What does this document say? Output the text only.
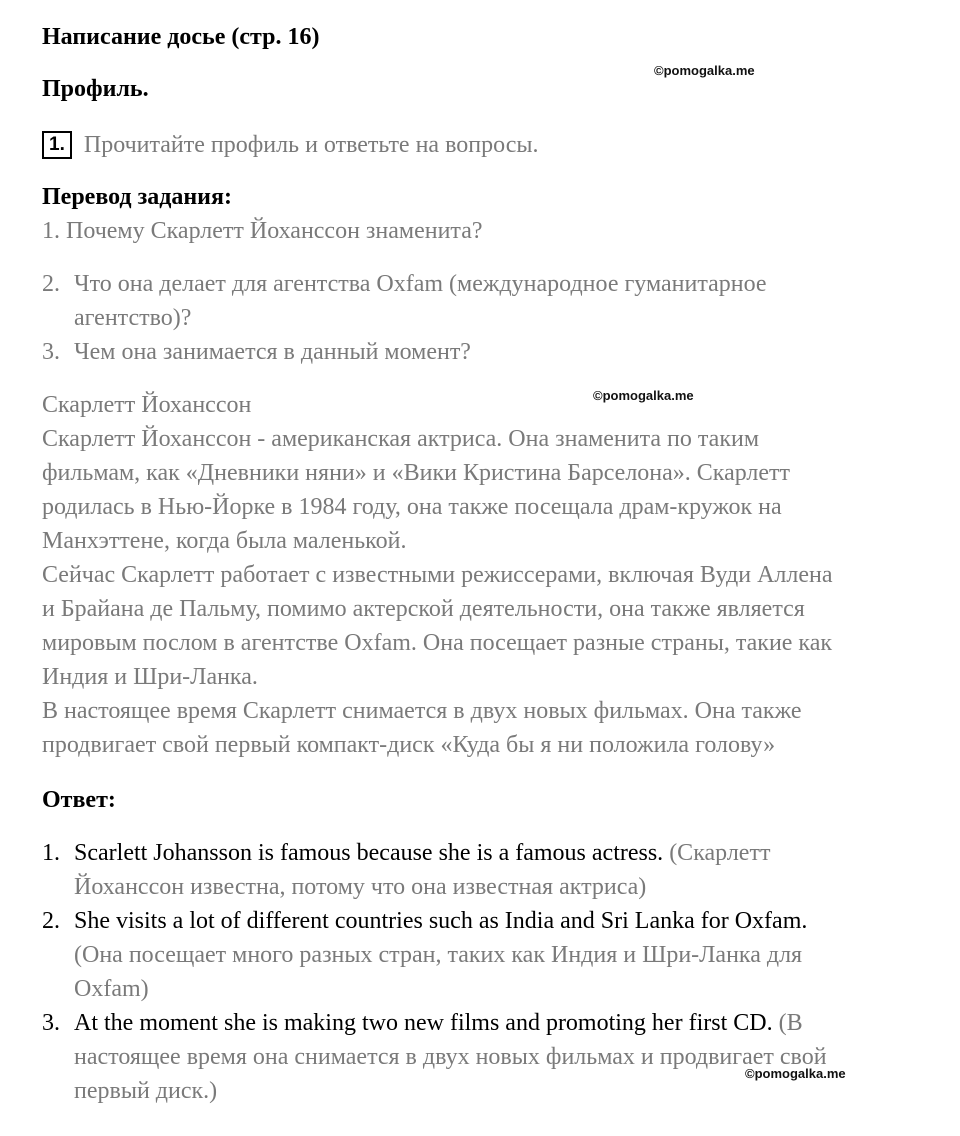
Написание досье (стр. 16)
Профиль.
©pomogalka.me
1. Прочитайте профиль и ответьте на вопросы.
Перевод задания:
1. Почему Скарлетт Йохансcон знаменита?
2. Что она делает для агентства Oxfam (международное гуманитарное
агентство)?
3. Чем она занимается в данный момент?
©pomogalka.me
Скарлетт Йохансcон
Скарлетт Йохансcон - американская актриса. Она знаменита по таким
фильмам, как «Дневники няни» и «Вики Кристина Барселона». Скарлетт
родилась в Нью-Йорке в 1984 году, она также посещала драм-кружок на
Манхэттене, когда была маленькой.
Сейчас Скарлетт работает с известными режиссерами, включая Вуди Аллена
и Брайана де Пальму, помимо актерской деятельности, она также является
мировым послом в агентстве Oxfam. Она посещает разные страны, такие как
Индия и Шри-Ланка.
В настоящее время Скарлетт снимается в двух новых фильмах. Она также
продвигает свой первый компакт-диск «Куда бы я ни положила голову»
Ответ:
1. Scarlett Johansson is famous because she is a famous actress. (Скарлетт
Йохансcон известна, потому что она известная актриса)
2. She visits a lot of different countries such as India and Sri Lanka for Oxfam.
(Она посещает много разных стран, таких как Индия и Шри-Ланка для
Oxfam)
3. At the moment she is making two new films and promoting her first CD. (В
настоящее время она снимается в двух новых фильмах и продвигает свой
первый диск.)
©pomogalka.me
